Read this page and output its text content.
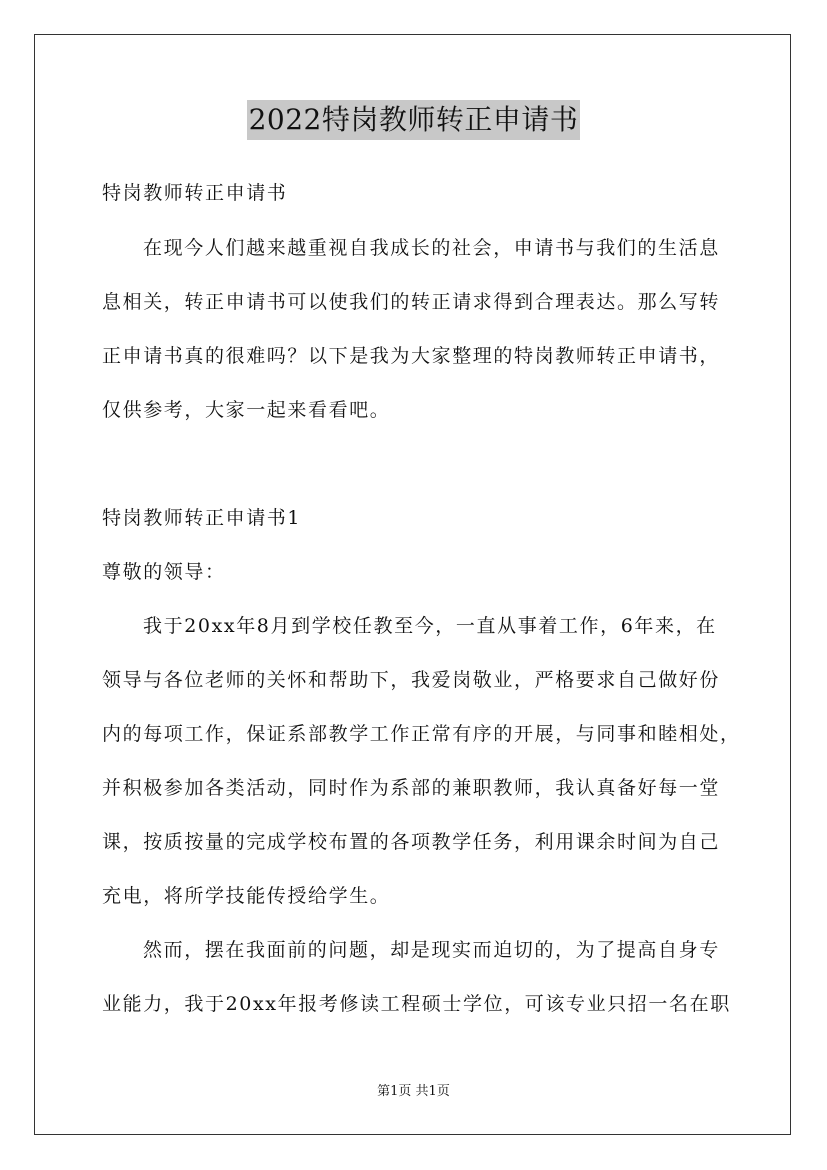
2022特岗教师转正申请书
特岗教师转正申请书
在现今人们越来越重视自我成长的社会，申请书与我们的生活息
息相关，转正申请书可以使我们的转正请求得到合理表达。那么写转
正申请书真的很难吗？以下是我为大家整理的特岗教师转正申请书，
仅供参考，大家一起来看看吧。
特岗教师转正申请书1
尊敬的领导：
我于20xx年8月到学校任教至今，一直从事着工作，6年来，在
领导与各位老师的关怀和帮助下，我爱岗敬业，严格要求自己做好份
内的每项工作，保证系部教学工作正常有序的开展，与同事和睦相处，
并积极参加各类活动，同时作为系部的兼职教师，我认真备好每一堂
课，按质按量的完成学校布置的各项教学任务，利用课余时间为自己
充电，将所学技能传授给学生。
然而，摆在我面前的问题，却是现实而迫切的，为了提高自身专
业能力，我于20xx年报考修读工程硕士学位，可该专业只招一名在职
第1页 共1页
